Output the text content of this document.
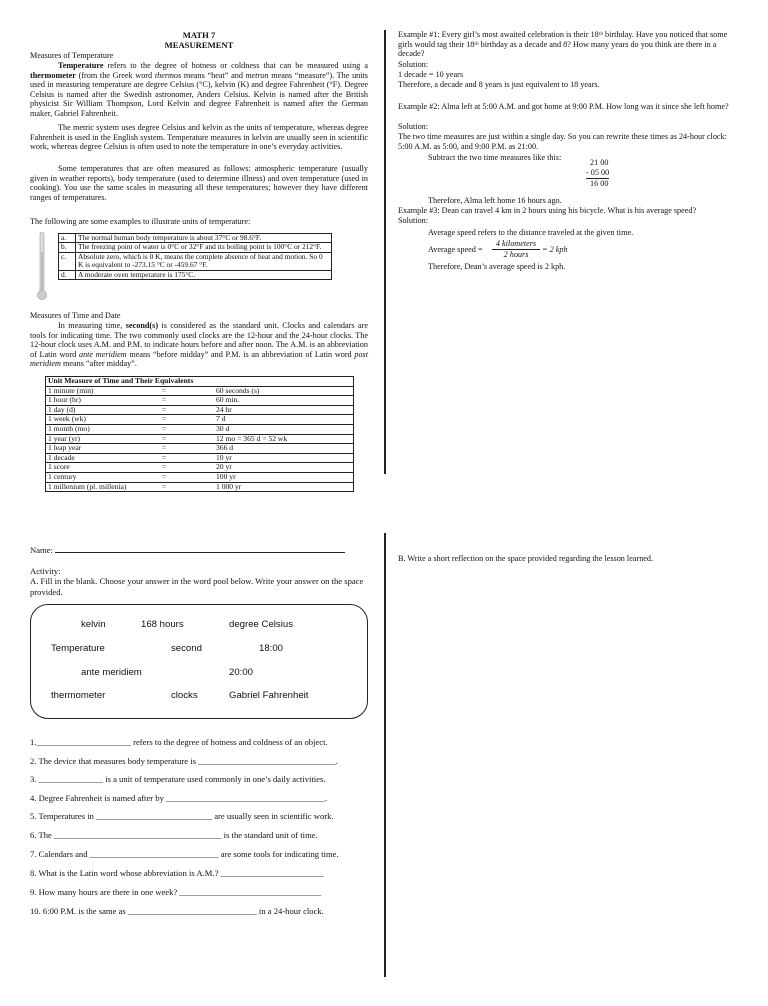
MATH 7
MEASUREMENT
Measures of Temperature
Temperature refers to the degree of hotness or coldness that can be measured using a thermometer (from the Greek word thermos means “heat” and metron means “measure”). The units used in measuring temperature are degree Celsius (°C), kelvin (K) and degree Fahrenheit (°F). Degree Celsius is named after the Swedish astronomer, Anders Celsius. Kelvin is named after the British physicist Sir William Thompson, Lord Kelvin and degree Fahrenheit is named after the German maker, Gabriel Fahrenheit.
The metric system uses degree Celsius and kelvin as the units of temperature, whereas degree Fahrenheit is used in the English system. Temperature measures in kelvin are usually seen in scientific work, whereas degree Celsius is often used to note the temperature in one’s everyday activities.
Some temperatures that are often measured as follows: atmospheric temperature (usually given in weather reports), body temperature (used to determine illness) and oven temperature (used in cooking). You use the same scales in measuring all these temperatures; however they have different ranges of temperatures.
The following are some examples to illustrate units of temperature:
a.	The normal human body temperature is about 37°C or 98.6°F.
b.	The freezing point of water is 0°C or 32°F and its boiling point is 100°C or 212°F.
c.	Absolute zero, which is 0 K, means the complete absence of heat and motion. So 0 K is equivalent to -273.15 °C or -459.67 °F.
d.	A moderate oven temperature is 175°C.
Measures of Time and Date
In measuring time, second(s) is considered as the standard unit. Clocks and calendars are tools for indicating time. The two commonly used clocks are the 12-hour and the 24-hour clocks. The 12-hour clock uses A.M. and P.M. to indicate hours before and after noon. The A.M. is an abbreviation of Latin word ante meridiem means “before midday” and P.M. is an abbreviation of Latin word post meridiem means “after midday”.
Unit Measure of Time and Their Equivalents		
1 minute (min)	=	60 seconds (s)
1 hour (hr)	=	60 min.
1 day (d)	=	24 hr
1 week (wk)	=	7 d
1 month (mo)	=	30 d
1 year (yr)	=	12 mo = 365 d = 52 wk
1 leap year	=	366 d
1 decade	=	10 yr
1 score	=	20 yr
1 century	=	100 yr
1 millenium (pl. millenia)	=	1 000 yr
Example #1: Every girl’s most awaited celebration is their 18ᵗʰ birthday. Have you noticed that some girls would tag their 18ᵗʰ birthday as a decade and 8? How many years do you think are there in a decade?
Solution:
1 decade = 10 years
Therefore, a decade and 8 years is just equivalent to 18 years.
Example #2: Alma left at 5:00 A.M. and got home at 9:00 P.M. How long was it since she left home?
Solution:
The two time measures are just within a single day. So you can rewrite these times as 24-hour clock: 5:00 A.M. as 5:00, and 9:00 P.M. as 21:00.
Subtract the two time measures like this:
21 00
- 05 00
16 00
Therefore, Alma left home 16 hours ago.
Example #3: Dean can travel 4 km in 2 hours using his bicycle. What is his average speed?
Solution:
Average speed refers to the distance traveled at the given time.
Average speed =
4 kilometers
2 hours
= 2 kph
Therefore, Dean’s average speed is 2 kph.
Name:
Activity:
A. Fill in the blank. Choose your answer in the word pool below. Write your answer on the space provided.
kelvin	168 hours	degree Celsius
Temperature	second	18:00
ante meridiem	20:00
thermometer	clocks	Gabriel Fahrenheit
1.______________________ refers to the degree of hotness and coldness of an object.
2. The device that measures body temperature is ________________________________.
3. _______________ is a unit of temperature used commonly in one’s daily activities.
4. Degree Fahrenheit is named after by _____________________________________.
5. Temperatures in ___________________________ are usually seen in scientific work.
6. The _______________________________________ is the standard unit of time.
7. Calendars and ______________________________ are some tools for indicating time.
8. What is the Latin word whose abbreviation is A.M.? ________________________
9. How many hours are there in one week? _________________________________
10. 6:00 P.M. is the same as ______________________________ in a 24-hour clock.
B. Write a short reflection on the space provided regarding the lesson learned.
